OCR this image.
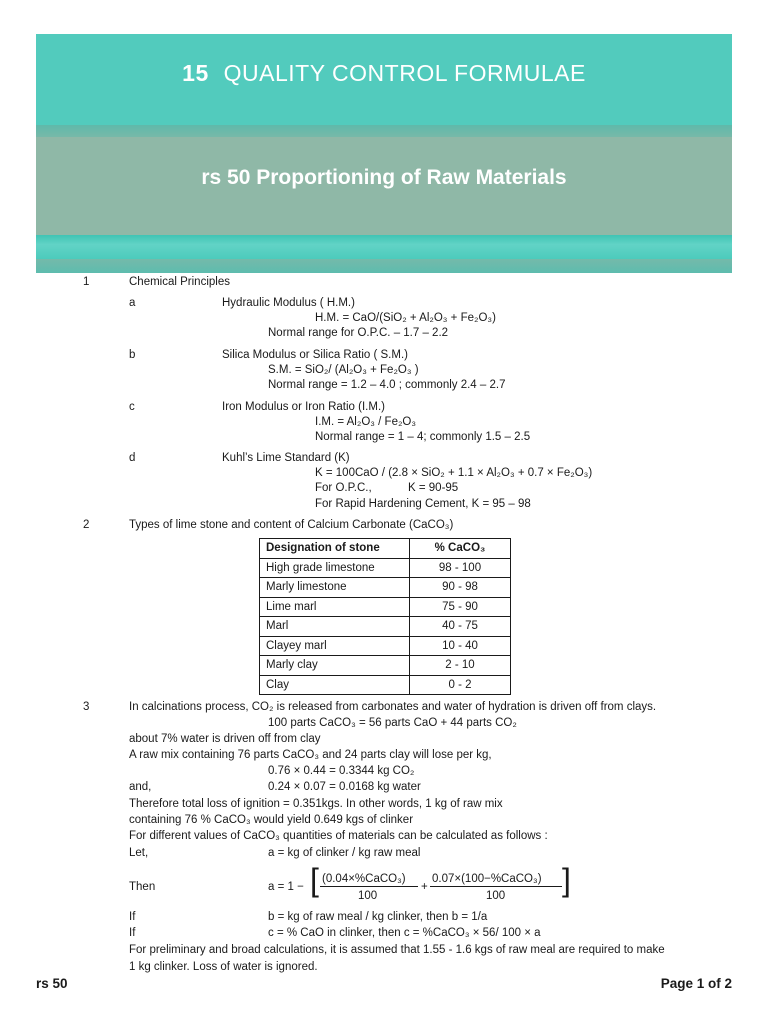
15 QUALITY CONTROL FORMULAE
rs 50 Proportioning of Raw Materials
1	Chemical Principles
a	Hydraulic Modulus ( H.M.)
H.M. = CaO/(SiO₂ + Al₂O₃ + Fe₂O₃)
Normal range for O.P.C. – 1.7 – 2.2
b	Silica Modulus or Silica Ratio ( S.M.)
S.M. = SiO₂/ (Al₂O₃ + Fe₂O₃ )
Normal range = 1.2 – 4.0 ; commonly 2.4 – 2.7
c	Iron Modulus or Iron Ratio (I.M.)
I.M. = Al₂O₃ / Fe₂O₃
Normal range = 1 – 4; commonly 1.5 – 2.5
d	Kuhl’s Lime Standard (K)
K = 100CaO / (2.8 × SiO₂ + 1.1 × Al₂O₃ + 0.7 × Fe₂O₃)
For O.P.C.,	K = 90-95
For Rapid Hardening Cement, K = 95 – 98
2	Types of lime stone and content of Calcium Carbonate (CaCO₃)
Designation of stone	% CaCO₃
High grade limestone	98 - 100
Marly limestone	90 - 98
Lime marl	75 - 90
Marl	40 - 75
Clayey marl	10 - 40
Marly clay	2 - 10
Clay	0 - 2
3	In calcinations process, CO₂ is released from carbonates and water of hydration is driven off from clays.
100 parts CaCO₃ = 56 parts CaO + 44 parts CO₂
about 7% water is driven off from clay
A raw mix containing 76 parts CaCO₃ and 24 parts clay will lose per kg,
0.76 × 0.44 = 0.3344 kg CO₂
and,	0.24 × 0.07 = 0.0168 kg water
Therefore total loss of ignition = 0.351kgs. In other words, 1 kg of raw mix
containing 76 % CaCO₃ would yield 0.649 kgs of clinker
For different values of CaCO₃ quantities of materials can be calculated as follows :
Let,	a = kg of clinker / kg raw meal
Then	a = 1 − [ (0.04×%CaCO₃)
100
+
0.07×(100−%CaCO₃)
100 ]
If	b = kg of raw meal / kg clinker, then b = 1/a
If	c = % CaO in clinker, then c = %CaCO₃ × 56/ 100 × a
For preliminary and broad calculations, it is assumed that 1.55 - 1.6 kgs of raw meal are required to make
1 kg clinker. Loss of water is ignored.
rs 50	Page 1 of 2
